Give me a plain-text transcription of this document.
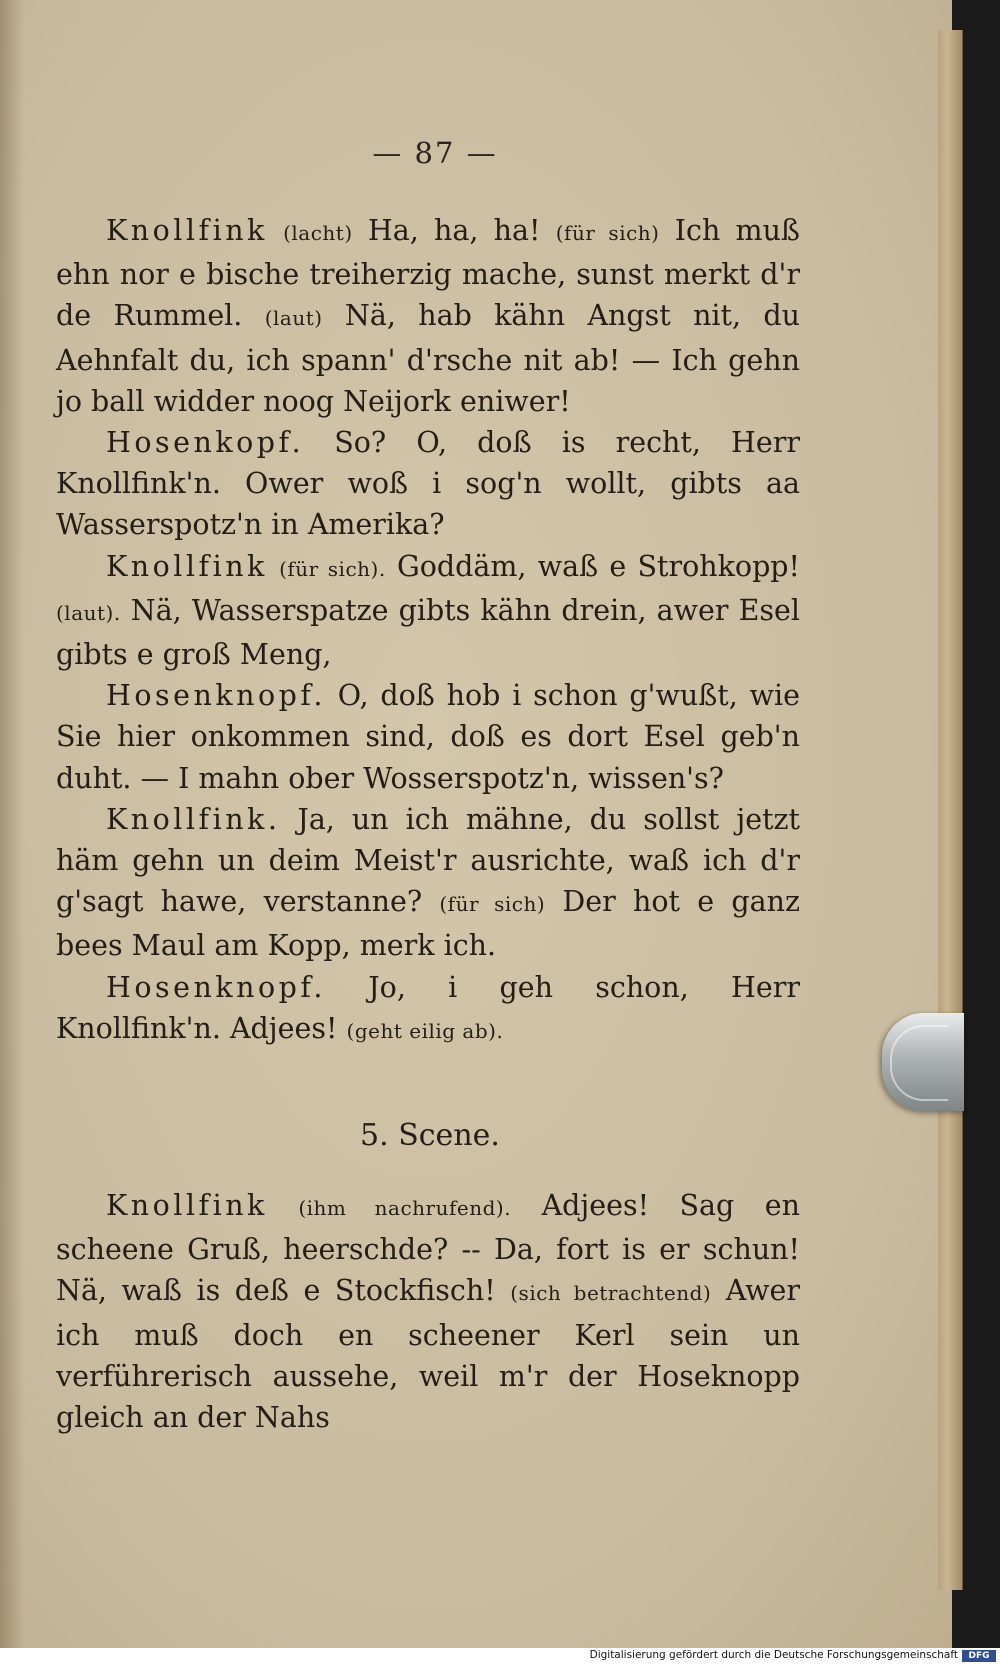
— 87 —

Knollfink (lacht) Ha, ha, ha! (für sich) Ich muß ehn nor e bische treiherzig mache, sunst merkt d'r de Rummel. (laut) Nä, hab kähn Angst nit, du Aehnfalt du, ich spann' d'rsche nit ab! — Ich gehn jo ball widder noog Neijork eniwer!

Hosenkopf. So? O, doß is recht, Herr Knollfink'n. Ower woß i sog'n wollt, gibts aa Wasserspotz'n in Amerika?

Knollfink (für sich). Goddäm, waß e Strohkopp! (laut). Nä, Wasserspatze gibts kähn drein, awer Esel gibts e groß Meng,

Hosenknopf. O, doß hob i schon g'wußt, wie Sie hier onkommen sind, doß es dort Esel geb'n duht. — I mahn ober Wosserspotz'n, wissen's?

Knollfink. Ja, un ich mähne, du sollst jetzt häm gehn un deim Meist'r ausrichte, waß ich d'r g'sagt hawe, verstanne? (für sich) Der hot e ganz bees Maul am Kopp, merk ich.

Hosenknopf. Jo, i geh schon, Herr Knollfink'n. Adjees! (geht eilig ab).

5. Scene.

Knollfink (ihm nachrufend). Adjees! Sag en scheene Gruß, heerschde? -- Da, fort is er schun! Nä, waß is deß e Stockfisch! (sich betrachtend) Awer ich muß doch en scheener Kerl sein un verführerisch aussehe, weil m'r der Hoseknopp gleich an der Nahs

Digitalisierung gefördert durch die Deutsche Forschungsgemeinschaft	DFG
